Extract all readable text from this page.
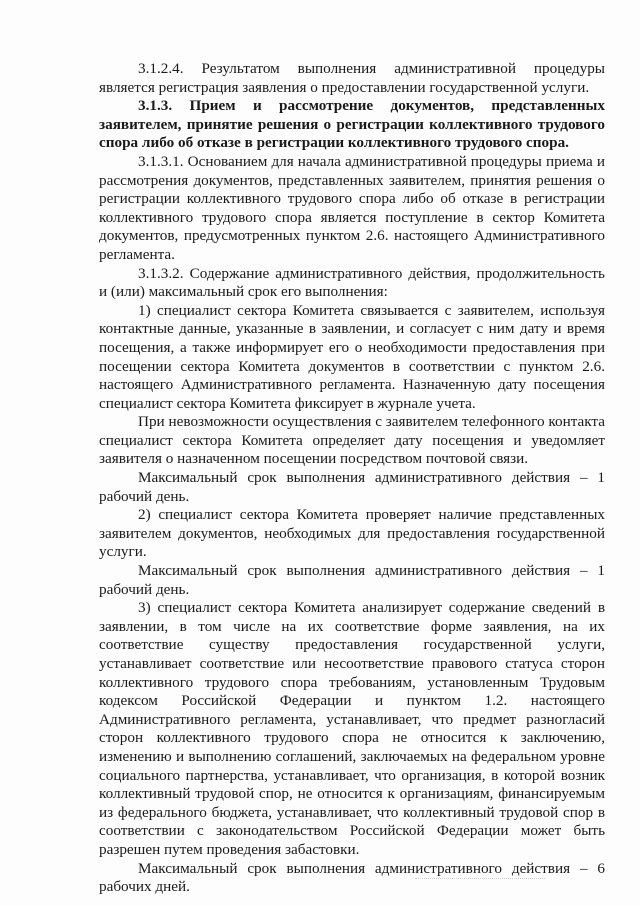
3.1.2.4. Результатом выполнения административной процедуры является регистрация заявления о предоставлении государственной услуги.

3.1.3. Прием и рассмотрение документов, представленных заявителем, принятие решения о регистрации коллективного трудового спора либо об отказе в регистрации коллективного трудового спора.

3.1.3.1. Основанием для начала административной процедуры приема и рассмотрения документов, представленных заявителем, принятия решения о регистрации коллективного трудового спора либо об отказе в регистрации коллективного трудового спора является поступление в сектор Комитета документов, предусмотренных пунктом 2.6. настоящего Административного регламента.

3.1.3.2. Содержание административного действия, продолжительность и (или) максимальный срок его выполнения:

1) специалист сектора Комитета связывается с заявителем, используя контактные данные, указанные в заявлении, и согласует с ним дату и время посещения, а также информирует его о необходимости предоставления при посещении сектора Комитета документов в соответствии с пунктом 2.6. настоящего Административного регламента. Назначенную дату посещения специалист сектора Комитета фиксирует в журнале учета.

При невозможности осуществления с заявителем телефонного контакта специалист сектора Комитета определяет дату посещения и уведомляет заявителя о назначенном посещении посредством почтовой связи.

Максимальный срок выполнения административного действия – 1 рабочий день.

2) специалист сектора Комитета проверяет наличие представленных заявителем документов, необходимых для предоставления государственной услуги.

Максимальный срок выполнения административного действия – 1 рабочий день.

3) специалист сектора Комитета анализирует содержание сведений в заявлении, в том числе на их соответствие форме заявления, на их соответствие существу предоставления государственной услуги, устанавливает соответствие или несоответствие правового статуса сторон коллективного трудового спора требованиям, установленным Трудовым кодексом Российской Федерации и пунктом 1.2. настоящего Административного регламента, устанавливает, что предмет разногласий сторон коллективного трудового спора не относится к заключению, изменению и выполнению соглашений, заключаемых на федеральном уровне социального партнерства, устанавливает, что организация, в которой возник коллективный трудовой спор, не относится к организациям, финансируемым из федерального бюджета, устанавливает, что коллективный трудовой спор в соответствии с законодательством Российской Федерации может быть разрешен путем проведения забастовки.

Максимальный срок выполнения административного действия – 6 рабочих дней.
